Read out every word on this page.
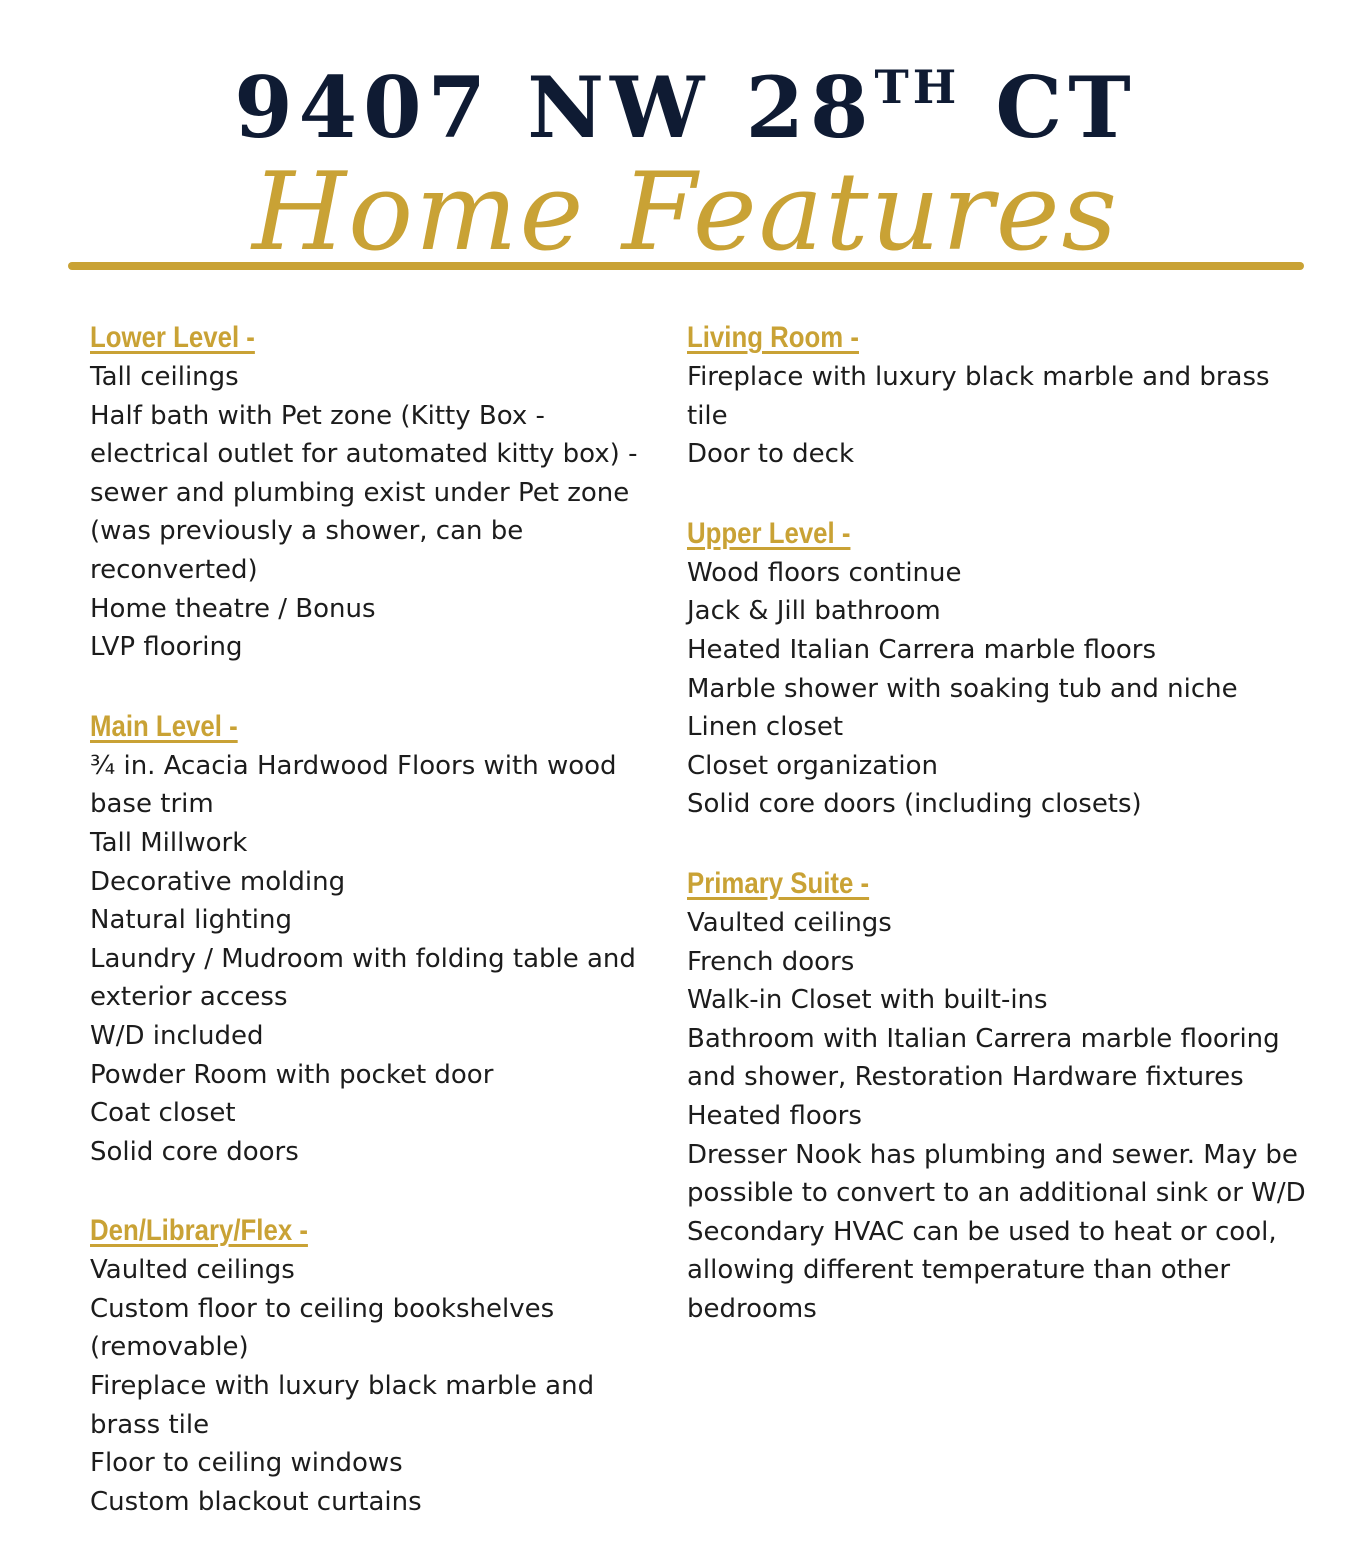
9407 NW 28TH CT
Home Features
Lower Level -
Tall ceilings
Half bath with Pet zone (Kitty Box - electrical outlet for automated kitty box) - sewer and plumbing exist under Pet zone (was previously a shower, can be reconverted)
Home theatre / Bonus
LVP flooring
Main Level -
¾ in. Acacia Hardwood Floors with wood base trim
Tall Millwork
Decorative molding
Natural lighting
Laundry / Mudroom with folding table and exterior access
W/D included
Powder Room with pocket door
Coat closet
Solid core doors
Den/Library/Flex -
Vaulted ceilings
Custom floor to ceiling bookshelves (removable)
Fireplace with luxury black marble and brass tile
Floor to ceiling windows
Custom blackout curtains
Living Room -
Fireplace with luxury black marble and brass tile
Door to deck
Upper Level -
Wood floors continue
Jack & Jill bathroom
Heated Italian Carrera marble floors
Marble shower with soaking tub and niche
Linen closet
Closet organization
Solid core doors (including closets)
Primary Suite -
Vaulted ceilings
French doors
Walk-in Closet with built-ins
Bathroom with Italian Carrera marble flooring and shower, Restoration Hardware fixtures
Heated floors
Dresser Nook has plumbing and sewer. May be possible to convert to an additional sink or W/D
Secondary HVAC can be used to heat or cool, allowing different temperature than other bedrooms
